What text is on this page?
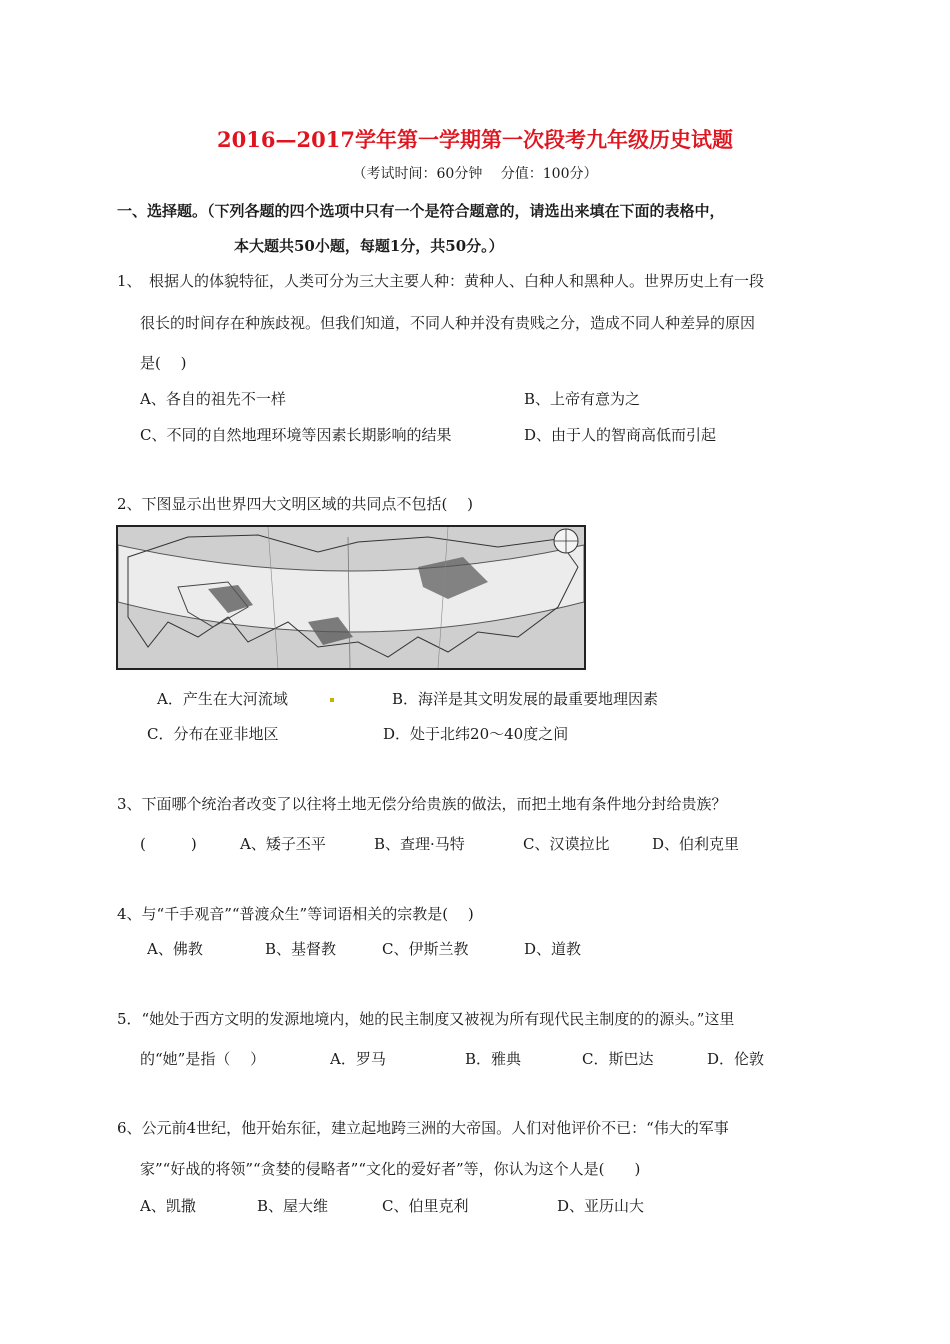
2016—2017学年第一学期第一次段考九年级历史试题
（考试时间：60分钟　 分值：100分）
一、选择题。（下列各题的四个选项中只有一个是符合题意的，请选出来填在下面的表格中，
本大题共50小题，每题1分，共50分。）
1、　根据人的体貌特征，人类可分为三大主要人种：黄种人、白种人和黑种人。世界历史上有一段
很长的时间存在种族歧视。但我们知道，不同人种并没有贵贱之分，造成不同人种差异的原因
是(　 )
A、各自的祖先不一样	B、上帝有意为之
C、不同的自然地理环境等因素长期影响的结果	D、由于人的智商高低而引起
2、下图显示出世界四大文明区域的共同点不包括(　 )
A．产生在大河流域	B．海洋是其文明发展的最重要地理因素
C．分布在亚非地区	D．处于北纬20～40度之间
3、下面哪个统治者改变了以往将土地无偿分给贵族的做法，而把土地有条件地分封给贵族？
(　　　)	A、矮子丕平	B、查理·马特	C、汉谟拉比	D、伯利克里
4、与“千手观音”“普渡众生”等词语相关的宗教是(　 )
A、佛教	B、基督教	C、伊斯兰教	D、道教
5．“她处于西方文明的发源地境内，她的民主制度又被视为所有现代民主制度的的源头。”这里
的“她”是指（　 ）	A．罗马	B．雅典	C．斯巴达	D．伦敦
6、公元前4世纪，他开始东征，建立起地跨三洲的大帝国。人们对他评价不已：“伟大的军事
家”“好战的将领”“贪婪的侵略者”“文化的爱好者”等，你认为这个人是(　　)
A、凯撒	B、屋大维	C、伯里克利	D、亚历山大
